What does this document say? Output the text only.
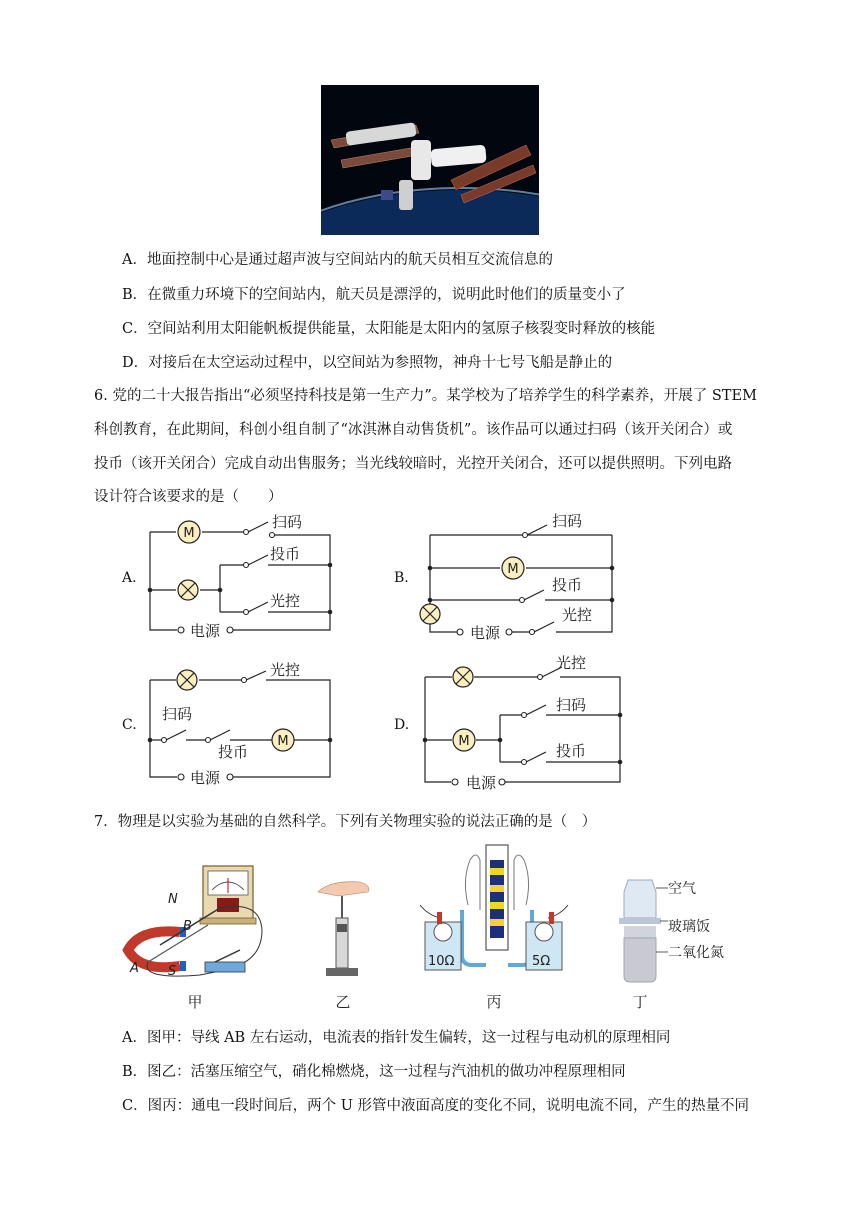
A．地面控制中心是通过超声波与空间站内的航天员相互交流信息的
B．在微重力环境下的空间站内，航天员是漂浮的，说明此时他们的质量变小了
C．空间站利用太阳能帆板提供能量，太阳能是太阳内的氢原子核裂变时释放的核能
D．对接后在太空运动过程中，以空间站为参照物，神舟十七号飞船是静止的
6. 党的二十大报告指出“必须坚持科技是第一生产力”。某学校为了培养学生的科学素养，开展了 STEM
科创教育，在此期间，科创小组自制了“冰淇淋自动售货机”。该作品可以通过扫码（该开关闭合）或
投币（该开关闭合）完成自动出售服务；当光线较暗时，光控开关闭合，还可以提供照明。下列电路
设计符合该要求的是（　　）
M
M
M	M
扫码
投币
光控
电源
扫码
投币
光控
电源
光控
扫码
投币
电源
光控
扫码
投币
电源
A.	B.
C.	D.
7．物理是以实验为基础的自然科学。下列有关物理实验的说法正确的是（　）
N
B
A S
10Ω	5Ω
空气
玻璃饭
二氧化氮
甲	乙	丙	丁
A．图甲：导线 AB 左右运动，电流表的指针发生偏转，这一过程与电动机的原理相同
B．图乙：活塞压缩空气，硝化棉燃烧，这一过程与汽油机的做功冲程原理相同
C．图丙：通电一段时间后，两个 U 形管中液面高度的变化不同，说明电流不同，产生的热量不同
